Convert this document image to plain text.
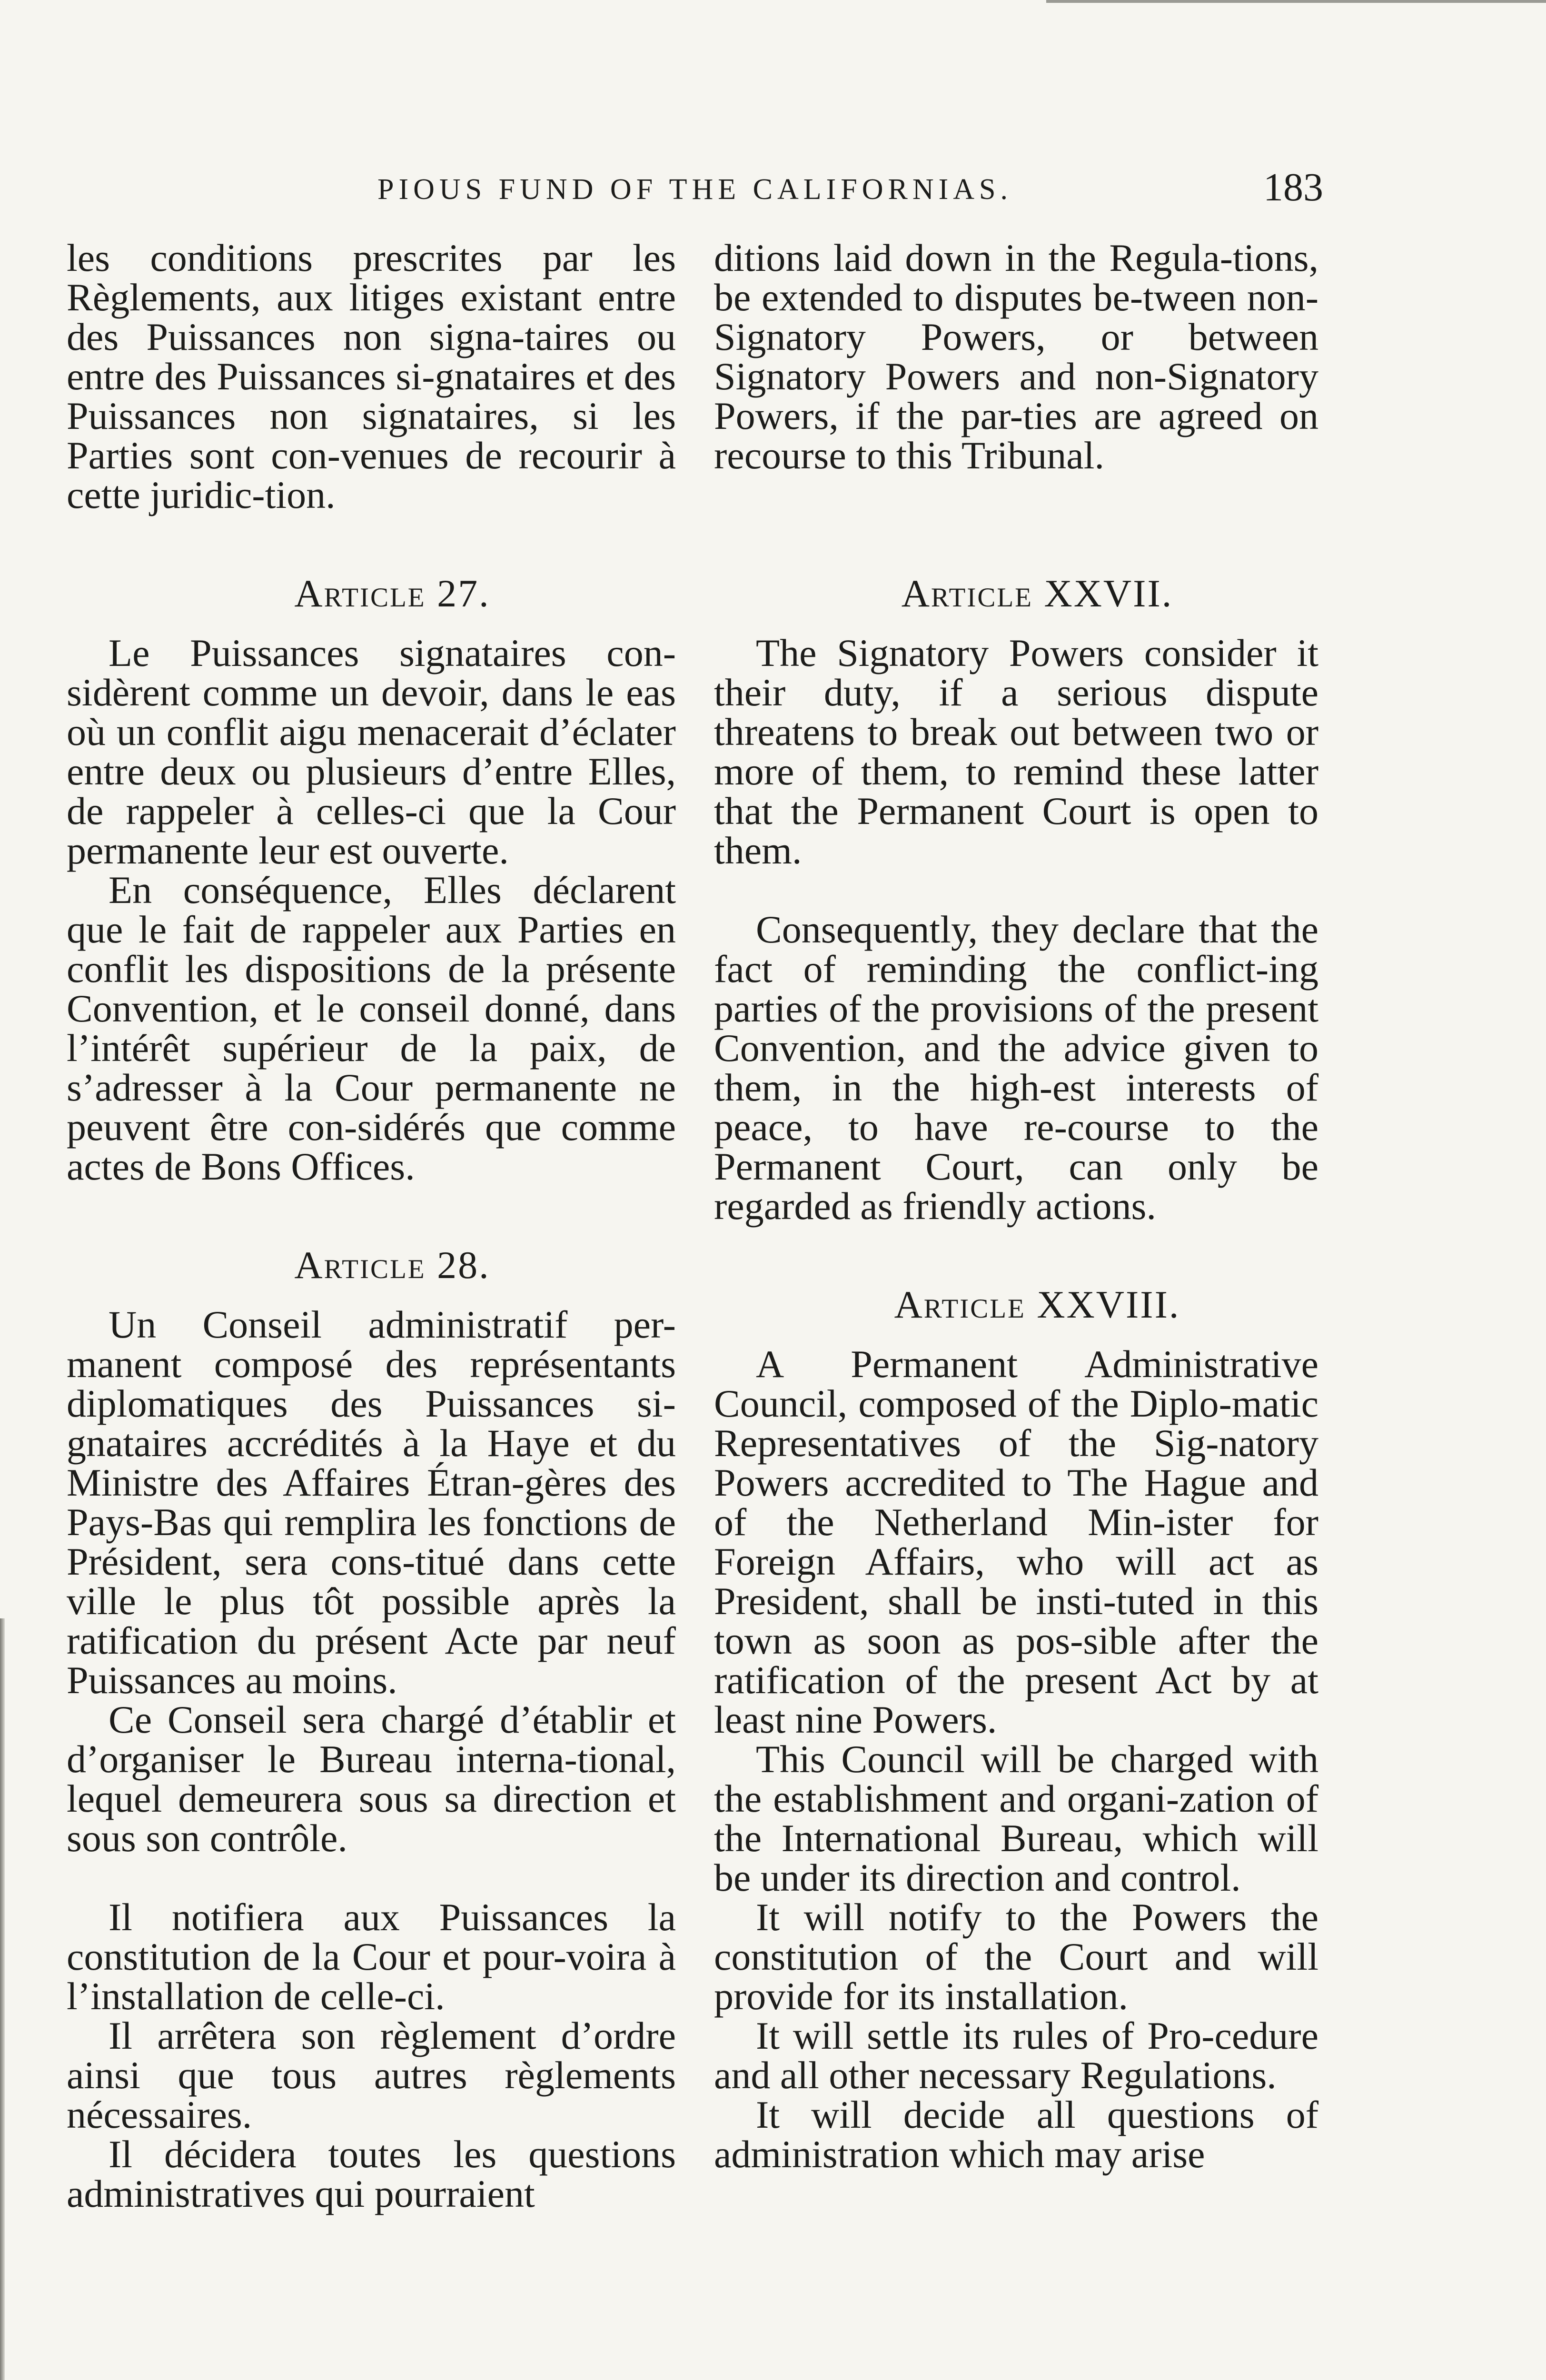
PIOUS FUND OF THE CALIFORNIAS.	183

les conditions prescrites par les Règlements, aux litiges existant entre des Puissances non signa-taires ou entre des Puissances si-gnataires et des Puissances non signataires, si les Parties sont con-venues de recourir à cette juridic-tion.

Article 27.

Le Puissances signataires con-sidèrent comme un devoir, dans le eas où un conflit aigu menacerait d’éclater entre deux ou plusieurs d’entre Elles, de rappeler à celles-ci que la Cour permanente leur est ouverte.

En conséquence, Elles déclarent que le fait de rappeler aux Parties en conflit les dispositions de la présente Convention, et le conseil donné, dans l’intérêt supérieur de la paix, de s’adresser à la Cour permanente ne peuvent être con-sidérés que comme actes de Bons Offices.

Article 28.

Un Conseil administratif per-manent composé des représentants diplomatiques des Puissances si-gnataires accrédités à la Haye et du Ministre des Affaires Étran-gères des Pays-Bas qui remplira les fonctions de Président, sera cons-titué dans cette ville le plus tôt possible après la ratification du présent Acte par neuf Puissances au moins.

Ce Conseil sera chargé d’établir et d’organiser le Bureau interna-tional, lequel demeurera sous sa direction et sous son contrôle.

Il notifiera aux Puissances la constitution de la Cour et pour-voira à l’installation de celle-ci.

Il arrêtera son règlement d’ordre ainsi que tous autres règlements nécessaires.

Il décidera toutes les questions administratives qui pourraient

ditions laid down in the Regula-tions, be extended to disputes be-tween non-Signatory Powers, or between Signatory Powers and non-Signatory Powers, if the par-ties are agreed on recourse to this Tribunal.

Article XXVII.

The Signatory Powers consider it their duty, if a serious dispute threatens to break out between two or more of them, to remind these latter that the Permanent Court is open to them.

Consequently, they declare that the fact of reminding the conflict-ing parties of the provisions of the present Convention, and the advice given to them, in the high-est interests of peace, to have re-course to the Permanent Court, can only be regarded as friendly actions.

Article XXVIII.

A Permanent Administrative Council, composed of the Diplo-matic Representatives of the Sig-natory Powers accredited to The Hague and of the Netherland Min-ister for Foreign Affairs, who will act as President, shall be insti-tuted in this town as soon as pos-sible after the ratification of the present Act by at least nine Powers.

This Council will be charged with the establishment and organi-zation of the International Bureau, which will be under its direction and control.

It will notify to the Powers the constitution of the Court and will provide for its installation.

It will settle its rules of Pro-cedure and all other necessary Regulations.

It will decide all questions of administration which may arise
